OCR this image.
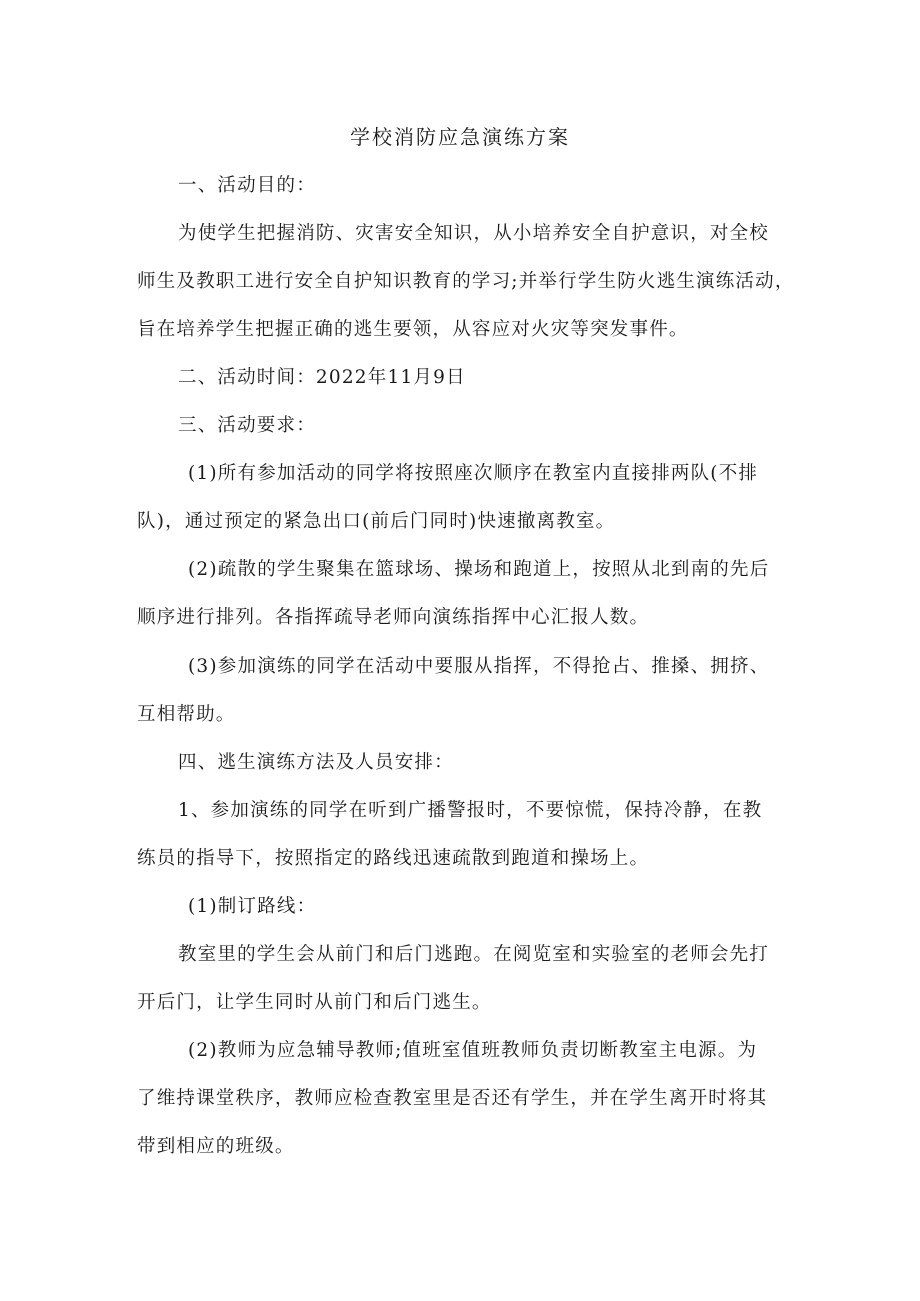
学校消防应急演练方案
一、活动目的：
为使学生把握消防、灾害安全知识，从小培养安全自护意识，对全校
师生及教职工进行安全自护知识教育的学习;并举行学生防火逃生演练活动，
旨在培养学生把握正确的逃生要领，从容应对火灾等突发事件。
二、活动时间：2022年11月9日
三、活动要求：
(1)所有参加活动的同学将按照座次顺序在教室内直接排两队(不排
队)，通过预定的紧急出口(前后门同时)快速撤离教室。
(2)疏散的学生聚集在篮球场、操场和跑道上，按照从北到南的先后
顺序进行排列。各指挥疏导老师向演练指挥中心汇报人数。
(3)参加演练的同学在活动中要服从指挥，不得抢占、推搡、拥挤、
互相帮助。
四、逃生演练方法及人员安排：
1、参加演练的同学在听到广播警报时，不要惊慌，保持冷静，在教
练员的指导下，按照指定的路线迅速疏散到跑道和操场上。
(1)制订路线：
教室里的学生会从前门和后门逃跑。在阅览室和实验室的老师会先打
开后门，让学生同时从前门和后门逃生。
(2)教师为应急辅导教师;值班室值班教师负责切断教室主电源。为
了维持课堂秩序，教师应检查教室里是否还有学生，并在学生离开时将其
带到相应的班级。
